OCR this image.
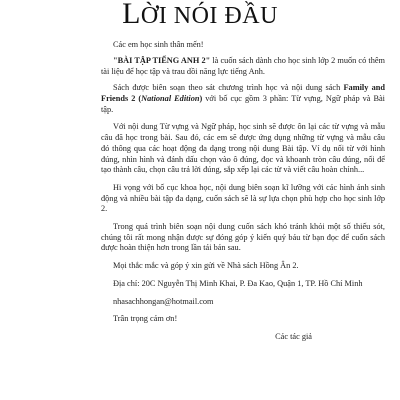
LỜI NÓI ĐẦU

Các em học sinh thân mến!

"BÀI TẬP TIẾNG ANH 2" là cuốn sách dành cho học sinh lớp 2 muốn có thêm tài liệu để học tập và trau dồi năng lực tiếng Anh.

Sách được biên soạn theo sát chương trình học và nội dung sách Family and Friends 2 (National Edition) với bố cục gồm 3 phần: Từ vựng, Ngữ pháp và Bài tập.

Với nội dung Từ vựng và Ngữ pháp, học sinh sẽ được ôn lại các từ vựng và mẫu câu đã học trong bài. Sau đó, các em sẽ được ứng dụng những từ vựng và mẫu câu đó thông qua các hoạt động đa dạng trong nội dung Bài tập. Ví dụ nối từ với hình đúng, nhìn hình và đánh dấu chọn vào ô đúng, đọc và khoanh tròn câu đúng, nối để tạo thành câu, chọn câu trả lời đúng, sắp xếp lại các từ và viết câu hoàn chỉnh...

Hi vọng với bố cục khoa học, nội dung biên soạn kĩ lưỡng với các hình ảnh sinh động và nhiều bài tập đa dạng, cuốn sách sẽ là sự lựa chọn phù hợp cho học sinh lớp 2.

Trong quá trình biên soạn nội dung cuốn sách khó tránh khỏi một số thiếu sót, chúng tôi rất mong nhận được sự đóng góp ý kiến quý báu từ bạn đọc để cuốn sách được hoàn thiện hơn trong lần tái bản sau.

Mọi thắc mắc và góp ý xin gửi về Nhà sách Hồng Ân 2.

Địa chỉ: 20C Nguyễn Thị Minh Khai, P. Đa Kao, Quận 1, TP. Hồ Chí Minh

nhasachhongan@hotmail.com

Trân trọng cảm ơn!

Các tác giả
